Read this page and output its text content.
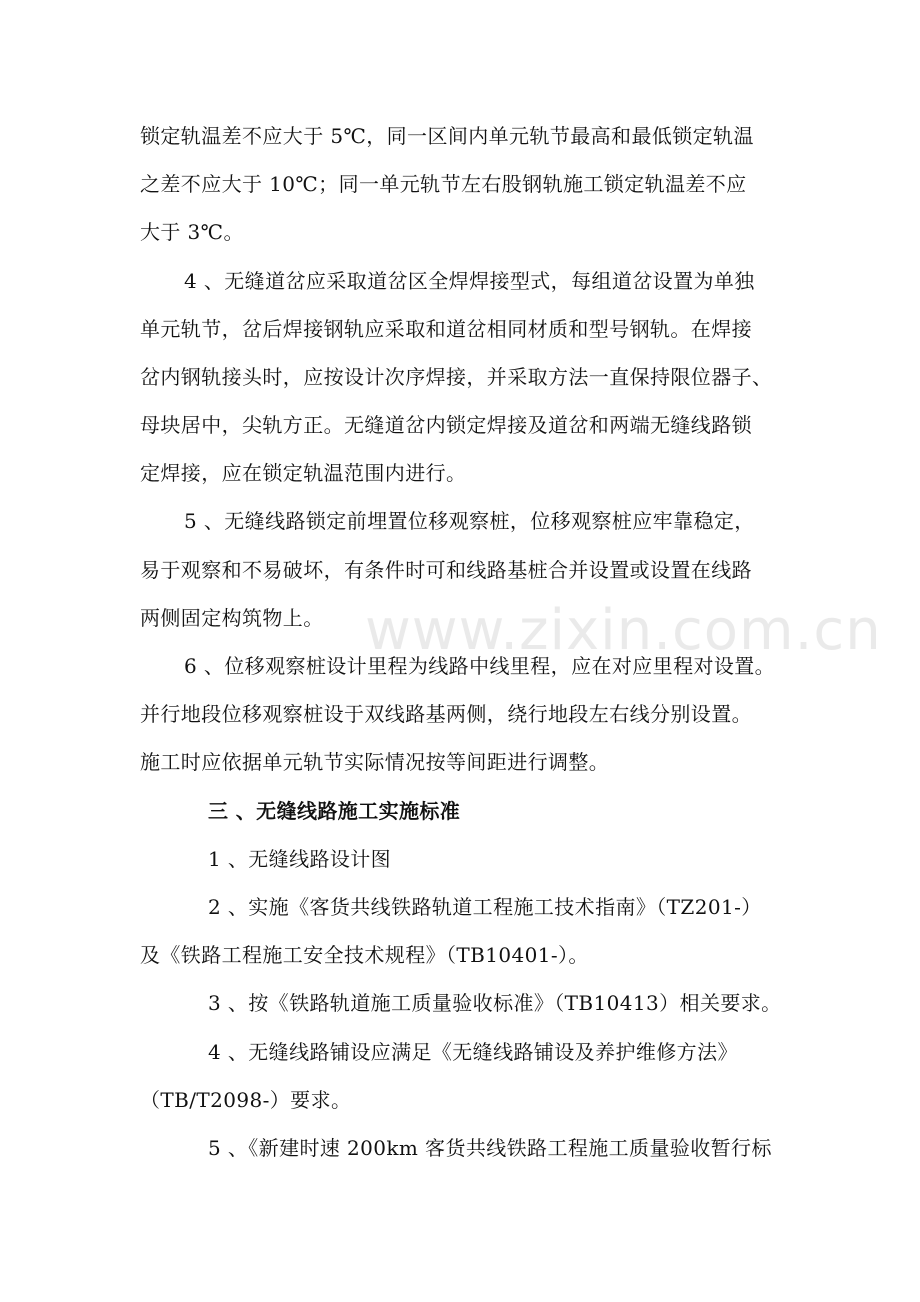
www.zixin.com.cn
锁定轨温差不应大于 5℃，同一区间内单元轨节最高和最低锁定轨温
之差不应大于 10℃；同一单元轨节左右股钢轨施工锁定轨温差不应
大于 3℃。
4 、无缝道岔应采取道岔区全焊焊接型式，每组道岔设置为单独
单元轨节，岔后焊接钢轨应采取和道岔相同材质和型号钢轨。在焊接
岔内钢轨接头时，应按设计次序焊接，并采取方法一直保持限位器子、
母块居中，尖轨方正。无缝道岔内锁定焊接及道岔和两端无缝线路锁
定焊接，应在锁定轨温范围内进行。
5 、无缝线路锁定前埋置位移观察桩，位移观察桩应牢靠稳定，
易于观察和不易破坏，有条件时可和线路基桩合并设置或设置在线路
两侧固定构筑物上。
6 、位移观察桩设计里程为线路中线里程，应在对应里程对设置。
并行地段位移观察桩设于双线路基两侧，绕行地段左右线分别设置。
施工时应依据单元轨节实际情况按等间距进行调整。
三 、无缝线路施工实施标准
1 、无缝线路设计图
2 、实施《客货共线铁路轨道工程施工技术指南》（TZ201-）
及《铁路工程施工安全技术规程》（TB10401-）。
3 、按《铁路轨道施工质量验收标准》（TB10413）相关要求。
4 、无缝线路铺设应满足《无缝线路铺设及养护维修方法》
（TB/T2098-）要求。
5 、《新建时速 200km 客货共线铁路工程施工质量验收暂行标
